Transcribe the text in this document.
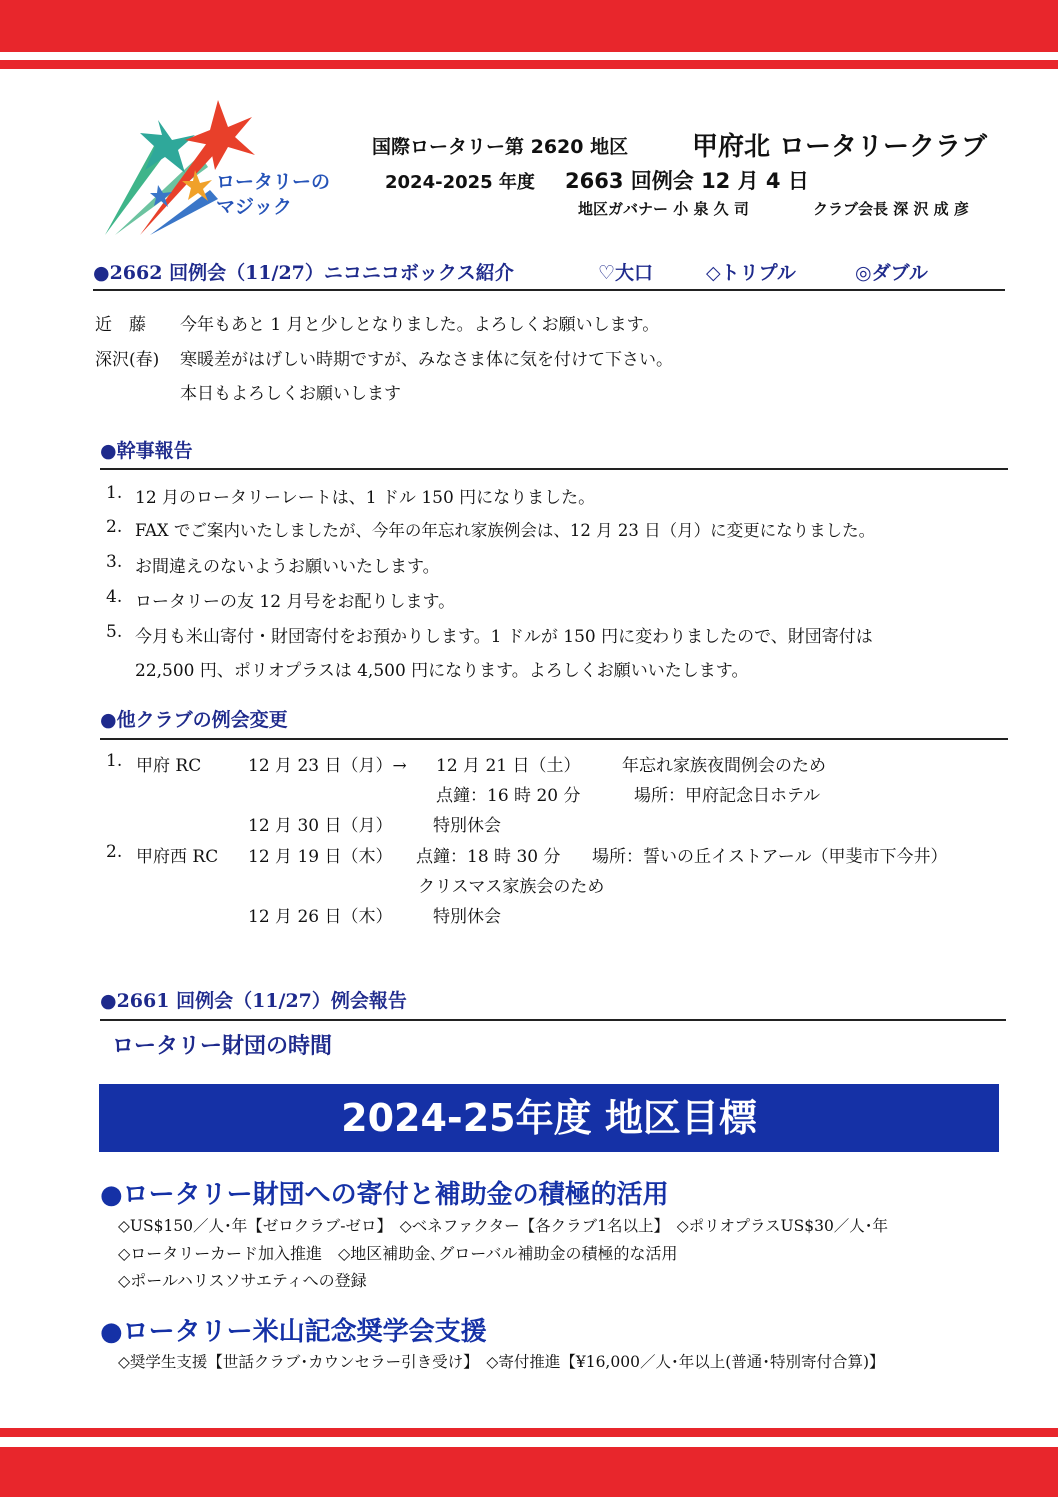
ロータリーの
マジック
国際ロータリー第 2620 地区 甲府北 ロータリークラブ
2024-2025 年度 2663 回例会 12 月 4 日
地区ガバナー 小 泉 久 司	クラブ会長 深 沢 成 彦
●2662 回例会（11/27）ニコニコボックス紹介	♡大口	◇トリプル	◎ダブル
近　藤 今年もあと 1 月と少しとなりました。よろしくお願いします。
深沢(春) 寒暖差がはげしい時期ですが、みなさま体に気を付けて下さい。
本日もよろしくお願いします
●幹事報告
1. 12 月のロータリーレートは、1 ドル 150 円になりました。
2. FAX でご案内いたしましたが、今年の年忘れ家族例会は、12 月 23 日（月）に変更になりました。
3. お間違えのないようお願いいたします。
4. ロータリーの友 12 月号をお配りします。
5. 今月も米山寄付・財団寄付をお預かりします。1 ドルが 150 円に変わりましたので、財団寄付は
22,500 円、ポリオプラスは 4,500 円になります。よろしくお願いいたします。
●他クラブの例会変更
1. 甲府 RC	12 月 23 日（月）→ 12 月 21 日（土） 年忘れ家族夜間例会のため
点鐘：16 時 20 分	場所：甲府記念日ホテル
12 月 30 日（月） 特別休会
2. 甲府西 RC 12 月 19 日（木） 点鐘：18 時 30 分 場所：誓いの丘イストアール（甲斐市下今井）
クリスマス家族会のため
12 月 26 日（木） 特別休会
●2661 回例会（11/27）例会報告
ロータリー財団の時間
2024-25年度 地区目標
●ロータリー財団への寄付と補助金の積極的活用
◇US$150／人･年【ゼロクラブ-ゼロ】　◇ベネファクター【各クラブ1名以上】　◇ポリオプラスUS$30／人･年
◇ロータリーカード加入推進　◇地区補助金､グローバル補助金の積極的な活用
◇ポールハリスソサエティへの登録
●ロータリー米山記念奨学会支援
◇奨学生支援【世話クラブ･カウンセラー引き受け】　◇寄付推進【¥16,000／人･年以上(普通･特別寄付合算)】
